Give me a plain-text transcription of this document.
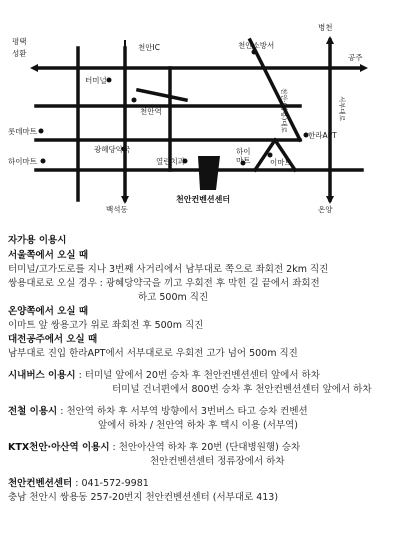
평택
성환
천안IC	천안소방서
병천
공주
터미널
천안역
롯데마트
광혜당약국
하이마트	열린치과
하이 마트	이마트
한라APT
천안컨벤션센터
백석동	온양
천안·(쌍용)대로	서부대로
자가용 이용시
서울쪽에서 오실 때
터미널/고가도로를 지나 3번째 사거리에서 남부대로 쪽으로 좌회전 2km 직진
쌍용대로로 오실 경우 : 광혜당약국을 끼고 우회전 후 막힌 길 끝에서 좌회전
하고 500m 직진
온양쪽에서 오실 때
이마트 앞 쌍용고가 위로 좌회전 후 500m 직진
대전공주에서 오실 때
남부대로 진입 한라APT에서 서부대로로 우회전 고가 넘어 500m 직진
시내버스 이용시 : 터미널 앞에서 20번 승차 후 천안컨벤션센터 앞에서 하차
터미널 건너편에서 800번 승차 후 천안컨벤션센터 앞에서 하차
전철 이용시 : 천안역 하차 후 서부역 방향에서 3번버스 타고 승차 컨벤션
앞에서 하차 / 천안역 하차 후 택시 이용 (서부역)
KTX천안·아산역 이용시 : 천안아산역 하차 후 20번 (단대병원행) 승차
천안컨벤션센터 정류장에서 하차
천안컨벤션센터 : 041-572-9981
충남 천안시 쌍용동 257-20번지 천안컨벤션센터 (서부대로 413)
